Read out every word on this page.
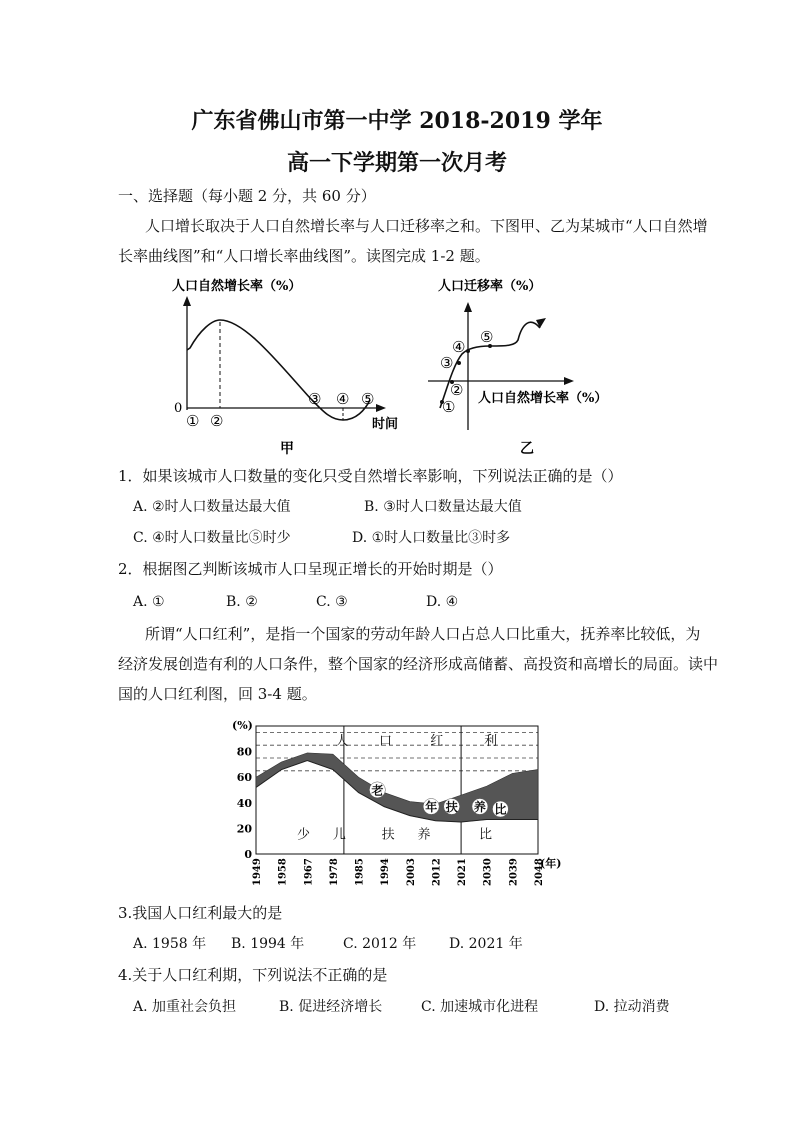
广东省佛山市第一中学 2018-2019 学年
高一下学期第一次月考
一、选择题（每小题 2 分，共 60 分）
人口增长取决于人口自然增长率与人口迁移率之和。下图甲、乙为某城市“人口自然增
长率曲线图”和“人口增长率曲线图”。读图完成 1-2 题。
人口自然增长率（%）
0
① ②
③ ④ ⑤
时间
甲
人口迁移率（%）
①
②
③
④
⑤
人口自然增长率（%）
乙
1．如果该城市人口数量的变化只受自然增长率影响，下列说法正确的是（）
A. ②时人口数量达最大值	B. ③时人口数量达最大值
C. ④时人口数量比⑤时少	D. ①时人口数量比③时多
2．根据图乙判断该城市人口呈现正增长的开始时期是（）
A. ①	B. ②	C. ③	D. ④
所谓“人口红利”，是指一个国家的劳动年龄人口占总人口比重大，抚养率比较低，为
经济发展创造有利的人口条件，整个国家的经济形成高储蓄、高投资和高增长的局面。读中
国的人口红利图，回 3-4 题。
(%)
(年)
0
20
40
60
80
1949 1958 1967 1978 1985 1994 2003 2012 2021 2030 2039 2048
人 口	红	利
老
年 扶 养 比
少 儿	扶 养	比
3.我国人口红利最大的是
A. 1958 年 B. 1994 年	C. 2012 年 D. 2021 年
4.关于人口红利期，下列说法不正确的是
A. 加重社会负担	B. 促进经济增长	C. 加速城市化进程	D. 拉动消费
